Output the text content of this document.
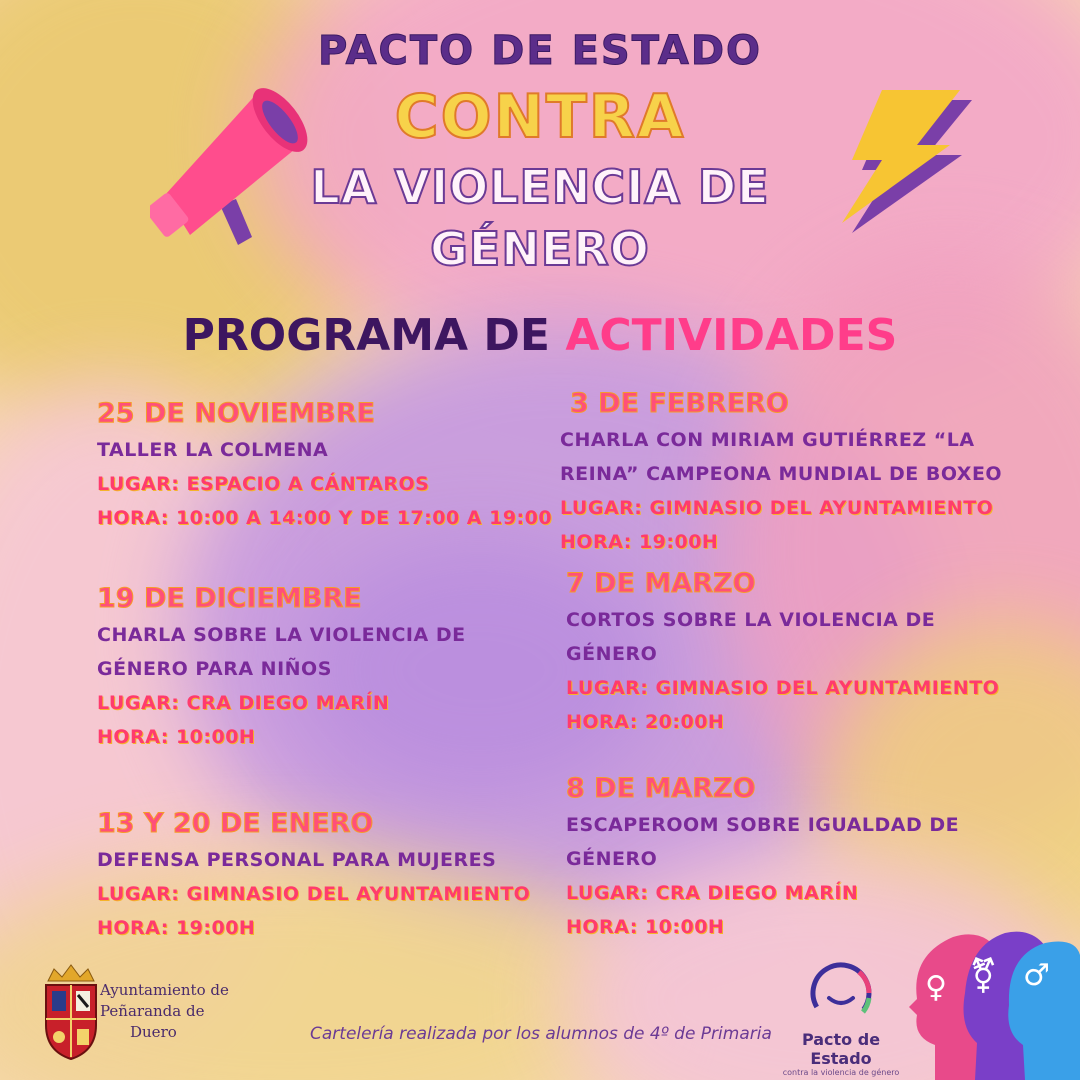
PACTO DE ESTADO
CONTRA
LA VIOLENCIA DE
GÉNERO
PROGRAMA DE ACTIVIDADES
25 DE NOVIEMBRE
TALLER LA COLMENA
LUGAR: ESPACIO A CÁNTAROS
HORA: 10:00 A 14:00 Y DE 17:00 A 19:00
19 DE DICIEMBRE
CHARLA SOBRE LA VIOLENCIA DE
GÉNERO PARA NIÑOS
LUGAR: CRA DIEGO MARÍN
HORA: 10:00H
13 Y 20 DE ENERO
DEFENSA PERSONAL PARA MUJERES
LUGAR: GIMNASIO DEL AYUNTAMIENTO
HORA: 19:00H
3 DE FEBRERO
CHARLA CON MIRIAM GUTIÉRREZ “LA
REINA” CAMPEONA MUNDIAL DE BOXEO
LUGAR: GIMNASIO DEL AYUNTAMIENTO
HORA: 19:00H
7 DE MARZO
CORTOS SOBRE LA VIOLENCIA DE
GÉNERO
LUGAR: GIMNASIO DEL AYUNTAMIENTO
HORA: 20:00H
8 DE MARZO
ESCAPEROOM SOBRE IGUALDAD DE
GÉNERO
LUGAR: CRA DIEGO MARÍN
HORA: 10:00H
Ayuntamiento de
Peñaranda de
Duero	Cartelería realizada por los alumnos de 4º de Primaria	Pacto de Estado
contra la violencia de género
♀ ⚧ ♂
